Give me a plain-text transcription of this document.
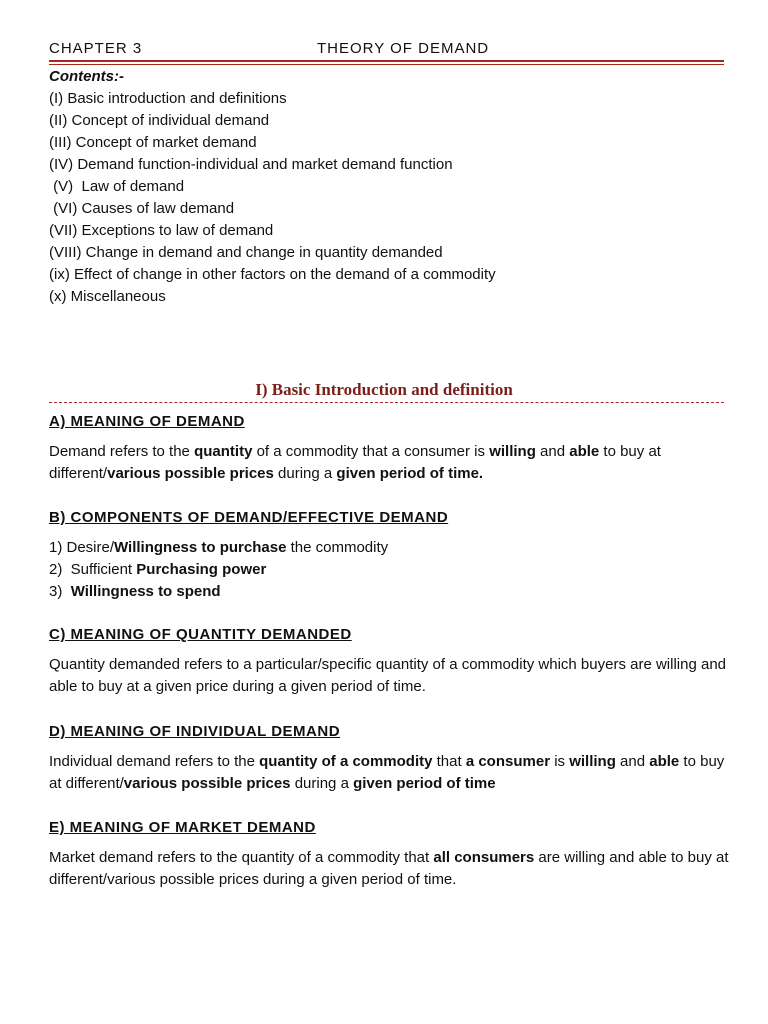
CHAPTER 3	THEORY OF DEMAND
Contents:-
(I) Basic introduction and definitions
(II) Concept of individual demand
(III) Concept of market demand
(IV) Demand function-individual and market demand function
(V)  Law of demand
(VI) Causes of law demand
(VII) Exceptions to law of demand
(VIII) Change in demand and change in quantity demanded
(ix) Effect of change in other factors on the demand of a commodity
(x) Miscellaneous
I) Basic Introduction and definition
A) MEANING OF DEMAND
Demand refers to the quantity of a commodity that a consumer is willing and able to buy at different/various possible prices during a given period of time.
B) COMPONENTS OF DEMAND/EFFECTIVE DEMAND
1) Desire/Willingness to purchase the commodity
2)  Sufficient Purchasing power
3)  Willingness to spend
C) MEANING OF QUANTITY DEMANDED
Quantity demanded refers to a particular/specific quantity of a commodity which buyers are willing and able to buy at a given price during a given period of time.
D) MEANING OF INDIVIDUAL DEMAND
Individual demand refers to the quantity of a commodity that a consumer is willing and able to buy at different/various possible prices during a given period of time
E) MEANING OF MARKET DEMAND
Market demand refers to the quantity of a commodity that all consumers are willing and able to buy at different/various possible prices during a given period of time.
